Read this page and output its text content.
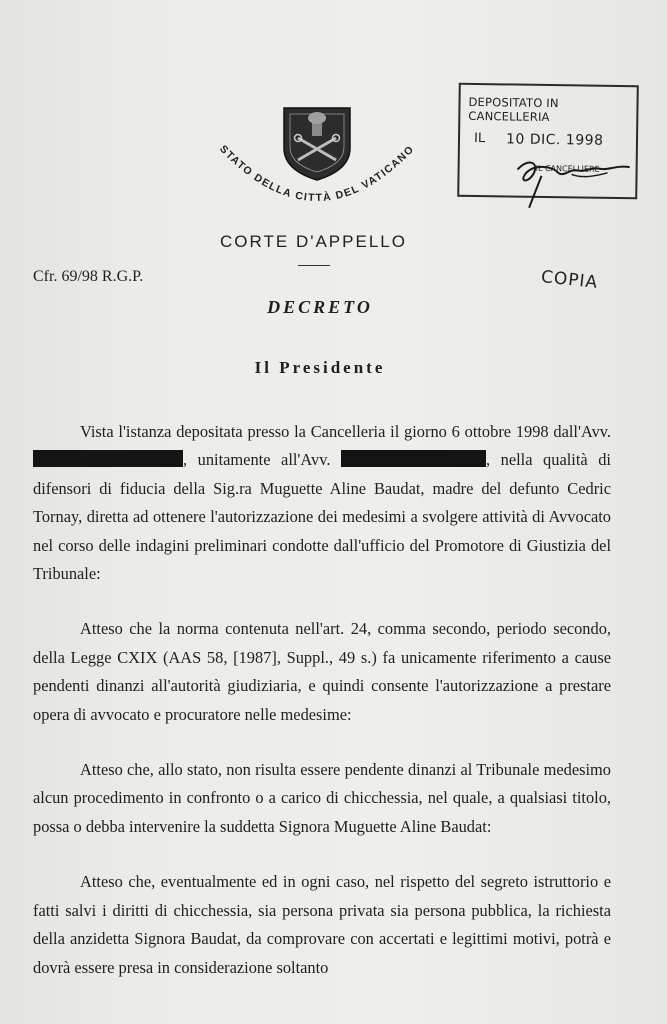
STATO DELLA CITTÀ DEL VATICANO
DEPOSITATO IN CANCELLERIA
IL 10 DIC. 1998
IL CANCELLIERE
CORTE D'APPELLO
Cfr. 69/98 R.G.P.	COPIA
DECRETO
Il Presidente

Vista l'istanza depositata presso la Cancelleria il giorno 6 ottobre 1998 dall'Avv., unitamente all'Avv.	, nella qualità di difensori di fiducia della Sig.ra Muguette Aline Baudat, madre del defunto Cedric Tornay, diretta ad ottenere l'autorizzazione dei medesimi a svolgere attività di Avvocato nel corso delle indagini preliminari condotte dall'ufficio del Promotore di Giustizia del Tribunale:

Atteso che la norma contenuta nell'art. 24, comma secondo, periodo secondo, della Legge CXIX (AAS 58, [1987], Suppl., 49 s.) fa unicamente riferimento a cause pendenti dinanzi all'autorità giudiziaria, e quindi consente l'autorizzazione a prestare opera di avvocato e procuratore nelle medesime:

Atteso che, allo stato, non risulta essere pendente dinanzi al Tribunale medesimo alcun procedimento in confronto o a carico di chicchessia, nel quale, a qualsiasi titolo, possa o debba intervenire la suddetta Signora Muguette Aline Baudat:

Atteso che, eventualmente ed in ogni caso, nel rispetto del segreto istruttorio e fatti salvi i diritti di chicchessia, sia persona privata sia persona pubblica, la richiesta della anzidetta Signora Baudat, da comprovare con accertati e legittimi motivi, potrà e dovrà essere presa in considerazione soltanto
